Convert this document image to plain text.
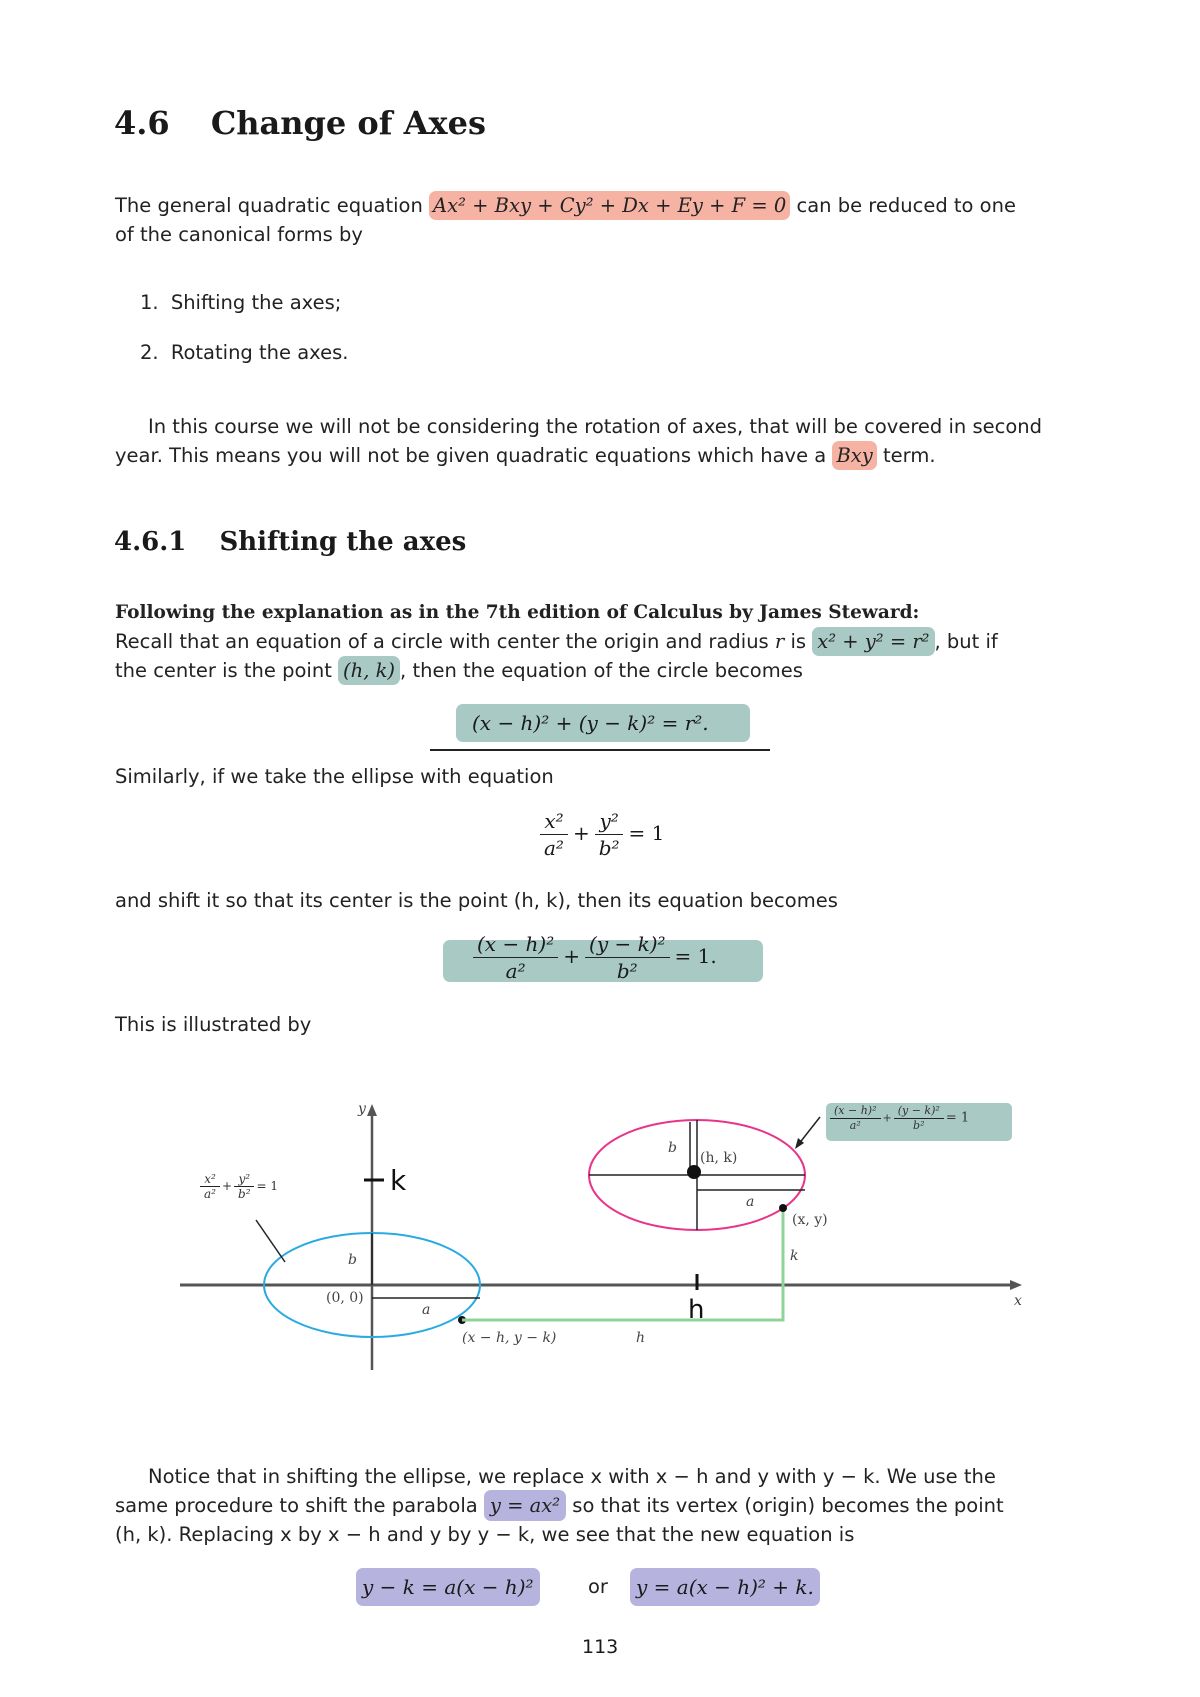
4.6 Change of Axes
The general quadratic equation Ax² + Bxy + Cy² + Dx + Ey + F = 0 can be reduced to one
of the canonical forms by
1. Shifting the axes;
2. Rotating the axes.
In this course we will not be considering the rotation of axes, that will be covered in second
year. This means you will not be given quadratic equations which have a Bxy term.
4.6.1 Shifting the axes
Following the explanation as in the 7th edition of Calculus by James Steward:
Recall that an equation of a circle with center the origin and radius r is x² + y² = r² , but if
the center is the point (h, k) , then the equation of the circle becomes
(x − h)² + (y − k)² = r².
Similarly, if we take the ellipse with equation
$\frac{\text{x²}}{\text{a²}} + \frac{\text{y²}}{\text{b²}} = 1$
and shift it so that its center is the point (h, k), then its equation becomes
$\frac{\text{(x − h)²}}{\text{a²}} + \frac{\text{(y − k)²}}{\text{b²}} = 1$.
This is illustrated by
y
x
k
h
b
(0, 0)
a
(x − h, y − k)	h
k
b
(h, k)
a
(x, y)
$\frac{\text{x²}}{\text{a²}} + \frac{\text{y²}}{\text{b²}} = 1$
$\frac{\text{(x − h)²}}{\text{a²}} + \frac{\text{(y − k)²}}{\text{b²}} = 1$
Notice that in shifting the ellipse, we replace x with x − h and y with y − k. We use the
same procedure to shift the parabola y = ax² so that its vertex (origin) becomes the point
(h, k). Replacing x by x − h and y by y − k, we see that the new equation is
y − k = a(x − h)²	or	y = a(x − h)² + k.
113
